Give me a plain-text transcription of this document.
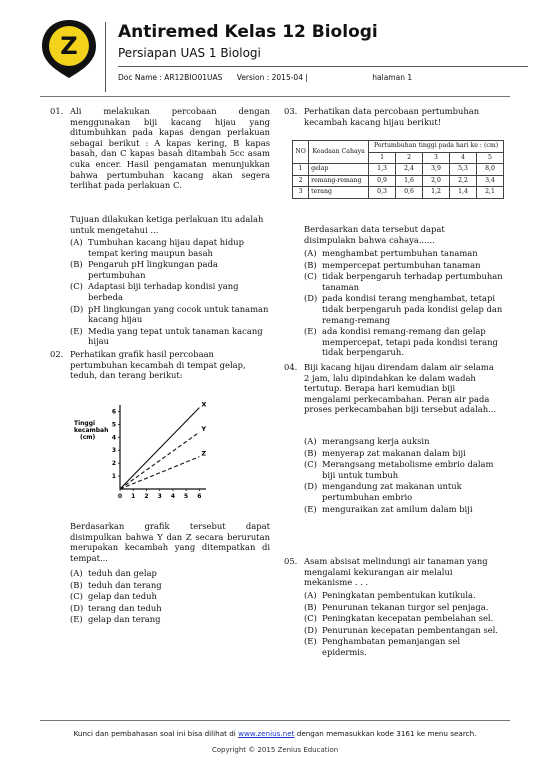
Z Antiremed Kelas 12 Biologi
Persiapan UAS 1 Biologi
Doc Name : AR12BIO01UAS Version : 2015-04 |	halaman 1
01. Ali melakukan percobaan dengan menggunakan biji kacang hijau yang ditumbuhkan pada kapas dengan perlakuan sebagai berikut : A kapas kering, B kapas basah, dan C kapas basah ditambah 5cc asam cuka encer. Hasil pengamatan menunjukkan bahwa pertumbuhan kacang akan segera terlihat pada perlakuan C.
Tujuan dilakukan ketiga perlakuan itu adalah untuk mengetahui ...
(A) Tumbuhan kacang hijau dapat hidup tempat kering maupun basah
(B) Pengaruh pH lingkungan pada pertumbuhan
(C) Adaptasi biji terhadap kondisi yang berbeda
(D) pH lingkungan yang cocok untuk tanaman kacang hijau
(E) Media yang tepat untuk tanaman kacang hijau
02. Perhatikan grafik hasil percobaan pertumbuhan kecambah di tempat gelap, teduh, dan terang berikut:
0 1 2 3 4 5 6
1
2
3
4
5
6
Tinggi
kecambah
(cm)
X
Y
Z
Berdasarkan grafik tersebut dapat disimpulkan bahwa Y dan Z secara berurutan merupakan kecambah yang ditempatkan di tempat...
(A) teduh dan gelap
(B) teduh dan terang
(C) gelap dan teduh
(D) terang dan teduh
(E) gelap dan terang
03. Perhatikan data percobaan pertumbuhan kecambah kacang hijau berikut!
NO	Keadaan Cahaya	Pertumbuhan tinggi pada hari ke : (cm)				
		1	2	3	4	5
1	gelap	1,3	2,4	3,9	5,3	8,0
2	remang-remang	0,9	1,6	2,0	2,2	3,4
3	terang	0,3	0,6	1,2	1,4	2,1
Berdasarkan data tersebut dapat disimpulakn bahwa cahaya......
(A) menghambat pertumbuhan tanaman
(B) mempercepat pertumbuhan tanaman
(C) tidak berpengaruh terhadap pertumbuhan tanaman
(D) pada kondisi terang menghambat, tetapi tidak berpengaruh pada kondisi gelap dan remang-remang
(E) ada kondisi remang-remang dan gelap mempercepat, tetapi pada kondisi terang tidak berpengaruh.
04. Biji kacang hijau direndam dalam air selama 2 jam, lalu dipindahkan ke dalam wadah tertutup. Berapa hari kemudian biji mengalami perkecambahan. Peran air pada proses perkecambahan biji tersebut adalah...
(A) merangsang kerja auksin
(B) menyerap zat makanan dalam biji
(C) Merangsang metabolisme embrio dalam biji untuk tumbuh
(D) mengandung zat makanan untuk pertumbuhan embrio
(E) menguraikan zat amilum dalam biji
05. Asam absisat melindungi air tanaman yang mengalami kekurangan air melalui mekanisme . . .
(A) Peningkatan pembentukan kutikula.
(B) Penurunan tekanan turgor sel penjaga.
(C) Peningkatan kecepatan pembelahan sel.
(D) Penurunan kecepatan pembentangan sel.
(E) Penghambatan pemanjangan sel epidermis.
Kunci dan pembahasan soal ini bisa dilihat di www.zenius.net dengan memasukkan kode 3161 ke menu search.
Copyright © 2015 Zenius Education
